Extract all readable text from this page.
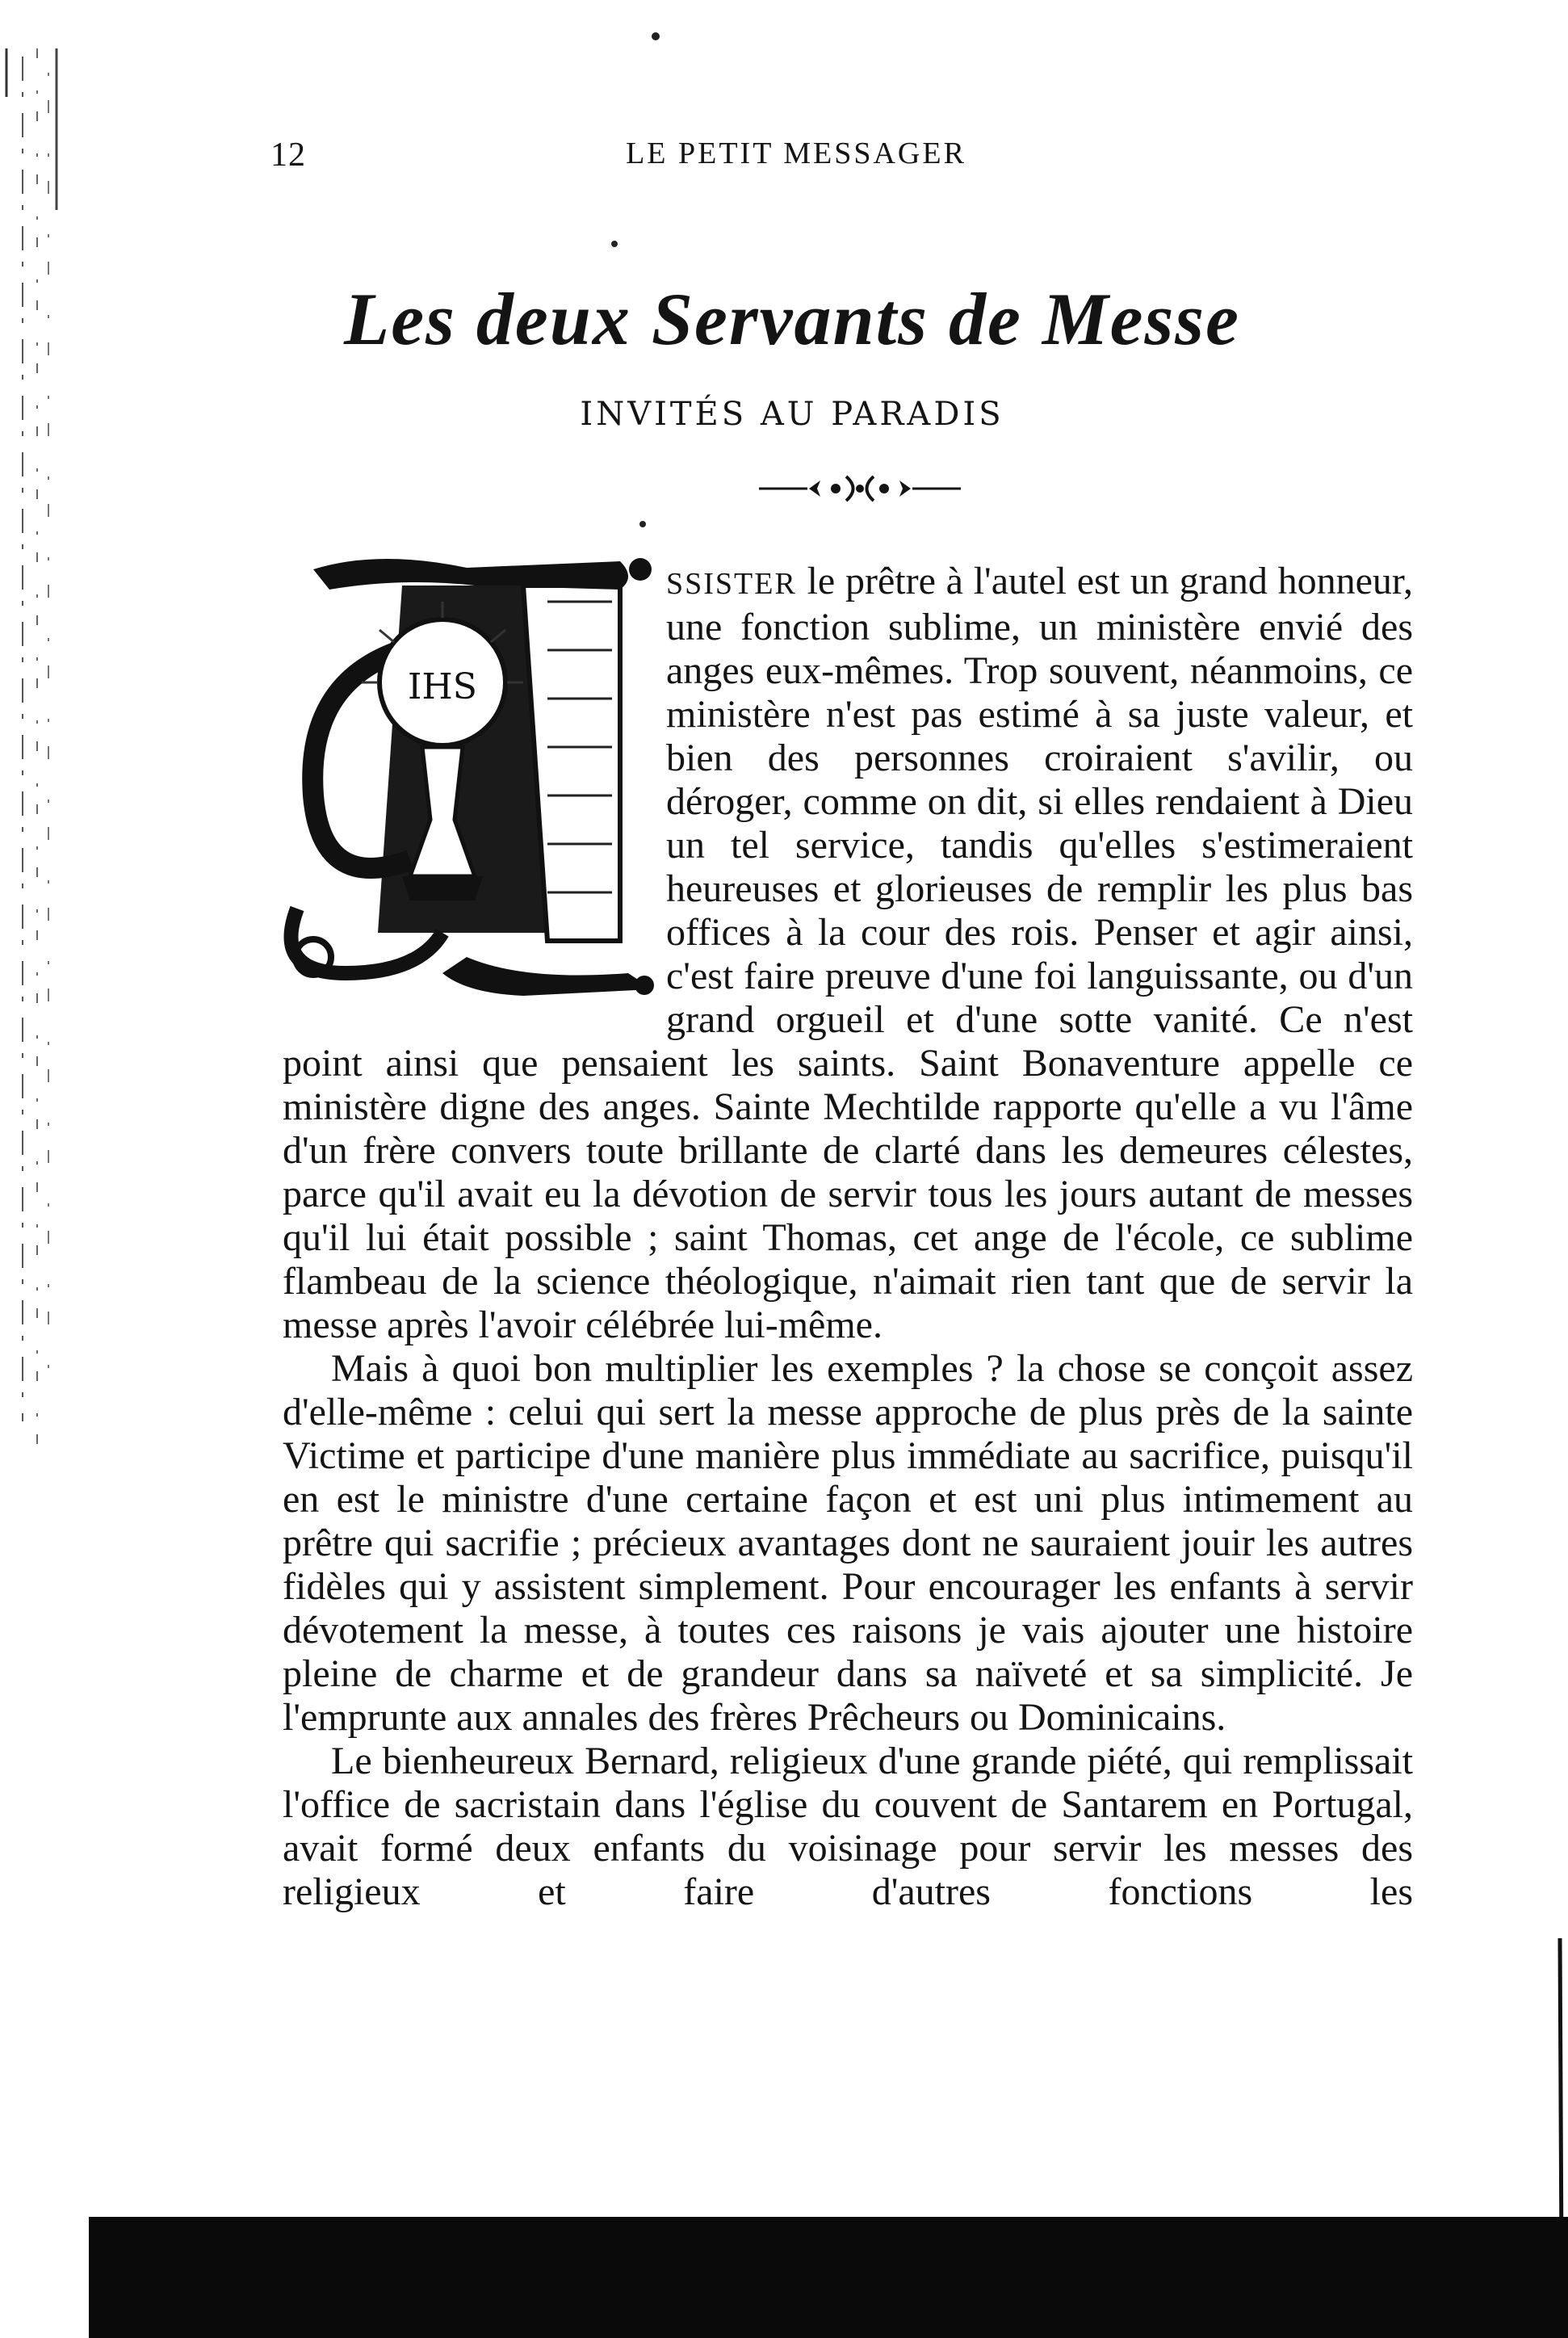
12	LE PETIT MESSAGER
Les deux Servants de Messe
INVITÉS AU PARADIS
IHS

SSISTER le prêtre à l'autel est un grand honneur, une fonction sublime, un ministère envié des anges eux-mêmes. Trop souvent, néanmoins, ce ministère n'est pas estimé à sa juste valeur, et bien des personnes croiraient s'avilir, ou déroger, comme on dit, si elles rendaient à Dieu un tel service, tandis qu'elles s'estimeraient heureuses et glorieuses de remplir les plus bas offices à la cour des rois. Penser et agir ainsi, c'est faire preuve d'une foi languissante, ou d'un grand orgueil et d'une sotte vanité. Ce n'est point ainsi que pensaient les saints. Saint Bonaventure appelle ce ministère digne des anges. Sainte Mechtilde rapporte qu'elle a vu l'âme d'un frère convers toute brillante de clarté dans les demeures célestes, parce qu'il avait eu la dévotion de servir tous les jours autant de messes qu'il lui était possible ; saint Thomas, cet ange de l'école, ce sublime flambeau de la science théologique, n'aimait rien tant que de servir la messe après l'avoir célébrée lui-même.

Mais à quoi bon multiplier les exemples ? la chose se conçoit assez d'elle-même : celui qui sert la messe approche de plus près de la sainte Victime et participe d'une manière plus immédiate au sacrifice, puisqu'il en est le ministre d'une certaine façon et est uni plus intimement au prêtre qui sacrifie ; précieux avantages dont ne sauraient jouir les autres fidèles qui y assistent simplement. Pour encourager les enfants à servir dévotement la messe, à toutes ces raisons je vais ajouter une histoire pleine de charme et de grandeur dans sa naïveté et sa simplicité. Je l'emprunte aux annales des frères Prêcheurs ou Dominicains.

Le bienheureux Bernard, religieux d'une grande piété, qui remplissait l'office de sacristain dans l'église du couvent de Santarem en Portugal, avait formé deux enfants du voisinage pour servir les messes des religieux et faire d'autres fonctions les
